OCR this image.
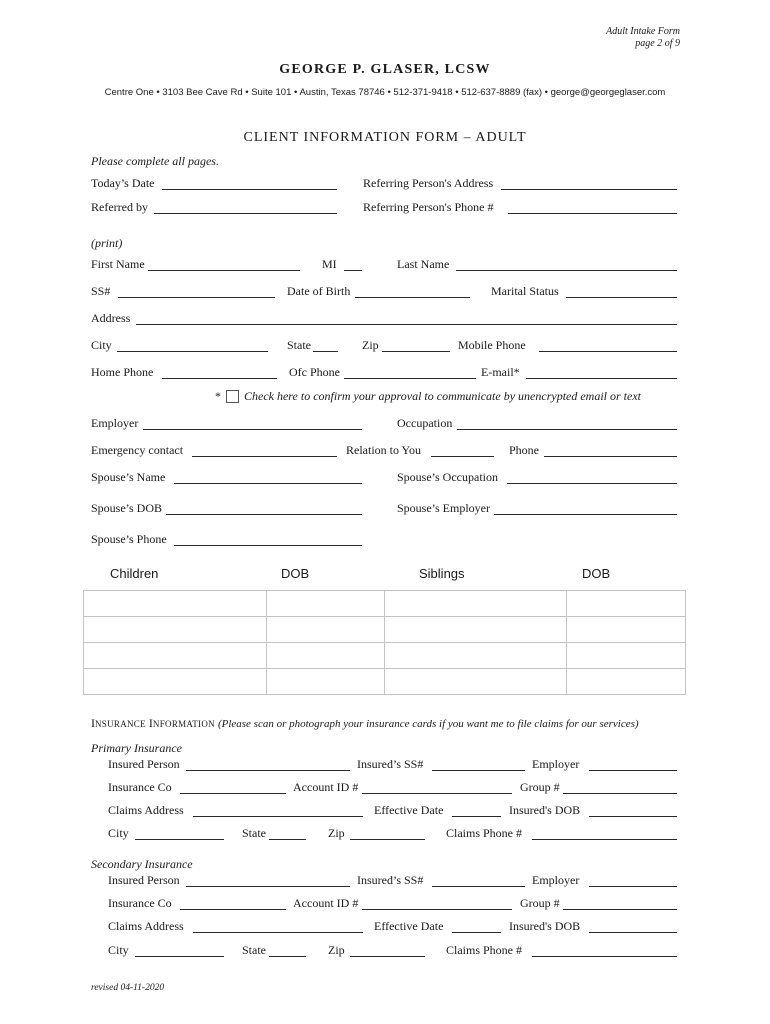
Adult Intake Form
page 2 of 9
GEORGE P. GLASER, LCSW
Centre One • 3103 Bee Cave Rd • Suite 101 • Austin, Texas 78746 • 512-371-9418 • 512-637-8889 (fax) • george@georgeglaser.com
CLIENT INFORMATION FORM – ADULT
Please complete all pages.
Today’s Date	Referring Person's Address
Referred by	Referring Person's Phone #
(print)
First Name	MI	Last Name
SS#	Date of Birth	Marital Status
Address
City	State	Zip	Mobile Phone
Home Phone	Ofc Phone	E-mail*
* Check here to confirm your approval to communicate by unencrypted email or text
Employer	Occupation
Emergency contact	Relation to You	Phone
Spouse’s Name	Spouse’s Occupation
Spouse’s DOB	Spouse’s Employer
Spouse’s Phone
Children	DOB	Siblings	DOB

INSURANCE INFORMATION (Please scan or photograph your insurance cards if you want me to file claims for our services)
Primary Insurance
Insured Person	Insured’s SS#	Employer
Insurance Co	Account ID #	Group #
Claims Address	Effective Date	Insured's DOB
City	State	Zip	Claims Phone #
Secondary Insurance
Insured Person	Insured’s SS#	Employer
Insurance Co	Account ID #	Group #
Claims Address	Effective Date	Insured's DOB
City	State	Zip	Claims Phone #
revised 04-11-2020
